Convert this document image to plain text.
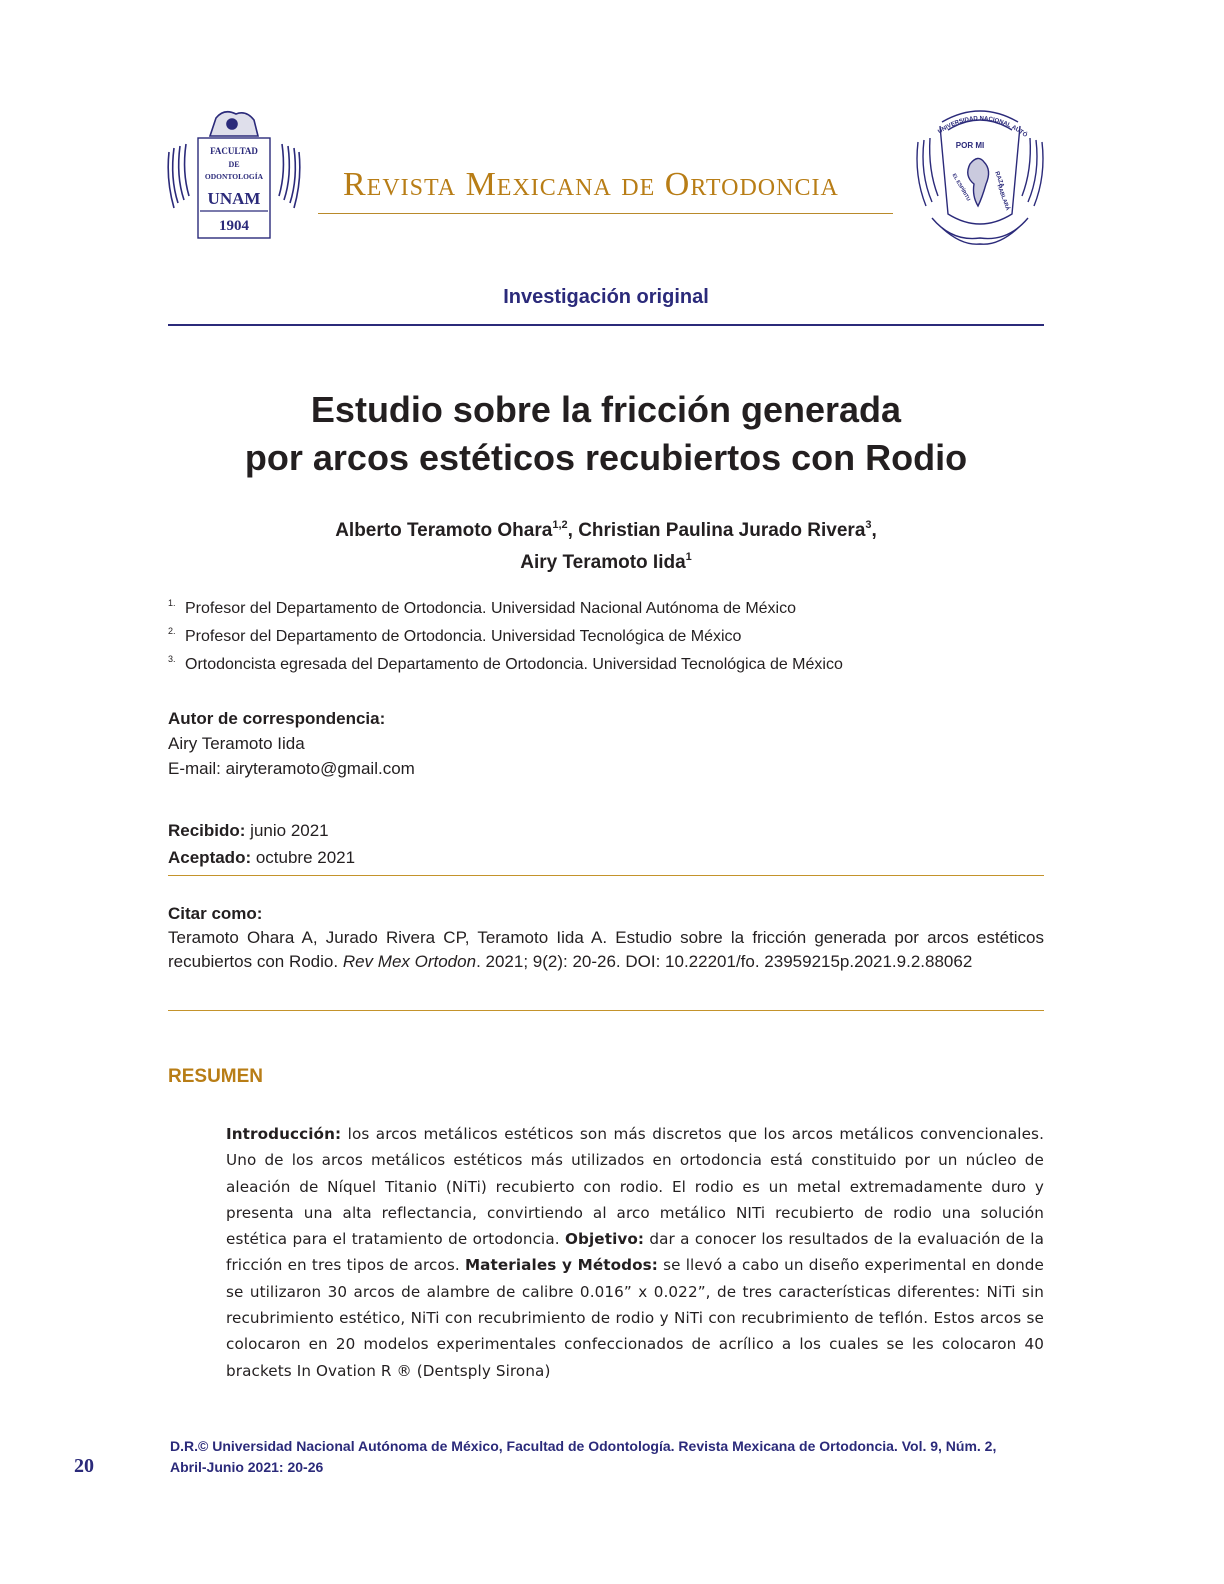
FACULTAD
DE
ODONTOLOGÍA
UNAM
1904
Revista Mexicana de Ortodoncia
UNIVERSIDAD NACIONAL AUTÓ
POR MI
RAZA
HABLARÁ
EL ESPÍRITU
Investigación original
Estudio sobre la fricción generada
por arcos estéticos recubiertos con Rodio
Alberto Teramoto Ohara$^{1,2}$, Christian Paulina Jurado Rivera$^3$,
Airy Teramoto Iida$^1$
1. Profesor del Departamento de Ortodoncia. Universidad Nacional Autónoma de México
2. Profesor del Departamento de Ortodoncia. Universidad Tecnológica de México
3. Ortodoncista egresada del Departamento de Ortodoncia. Universidad Tecnológica de México
Autor de correspondencia:
Airy Teramoto Iida
E-mail: airyteramoto@gmail.com
Recibido: junio 2021
Aceptado: octubre 2021
Citar como:
Teramoto Ohara A, Jurado Rivera CP, Teramoto Iida A. Estudio sobre la fricción generada por arcos estéticos recubiertos con Rodio. Rev Mex Ortodon. 2021; 9(2): 20-26. DOI: 10.22201/fo. 23959215p.2021.9.2.88062
RESUMEN
Introducción: los arcos metálicos estéticos son más discretos que los arcos metálicos convencionales. Uno de los arcos metálicos estéticos más utilizados en ortodoncia está constituido por un núcleo de aleación de Níquel Titanio (NiTi) recubierto con rodio. El rodio es un metal extremadamente duro y presenta una alta reflectancia, convirtiendo al arco metálico NITi recubierto de rodio una solución estética para el tratamiento de ortodoncia. Objetivo: dar a conocer los resultados de la evaluación de la fricción en tres tipos de arcos. Materiales y Métodos: se llevó a cabo un diseño experimental en donde se utilizaron 30 arcos de alambre de calibre 0.016” x 0.022”, de tres características diferentes: NiTi sin recubrimiento estético, NiTi con recubrimiento de rodio y NiTi con recubrimiento de teflón. Estos arcos se colocaron en 20 modelos experimentales confeccionados de acrílico a los cuales se les colocaron 40 brackets In Ovation R ® (Dentsply Sirona)
D.R.© Universidad Nacional Autónoma de México, Facultad de Odontología. Revista Mexicana de Ortodoncia. Vol. 9, Núm. 2,
Abril-Junio 2021: 20-26
20
